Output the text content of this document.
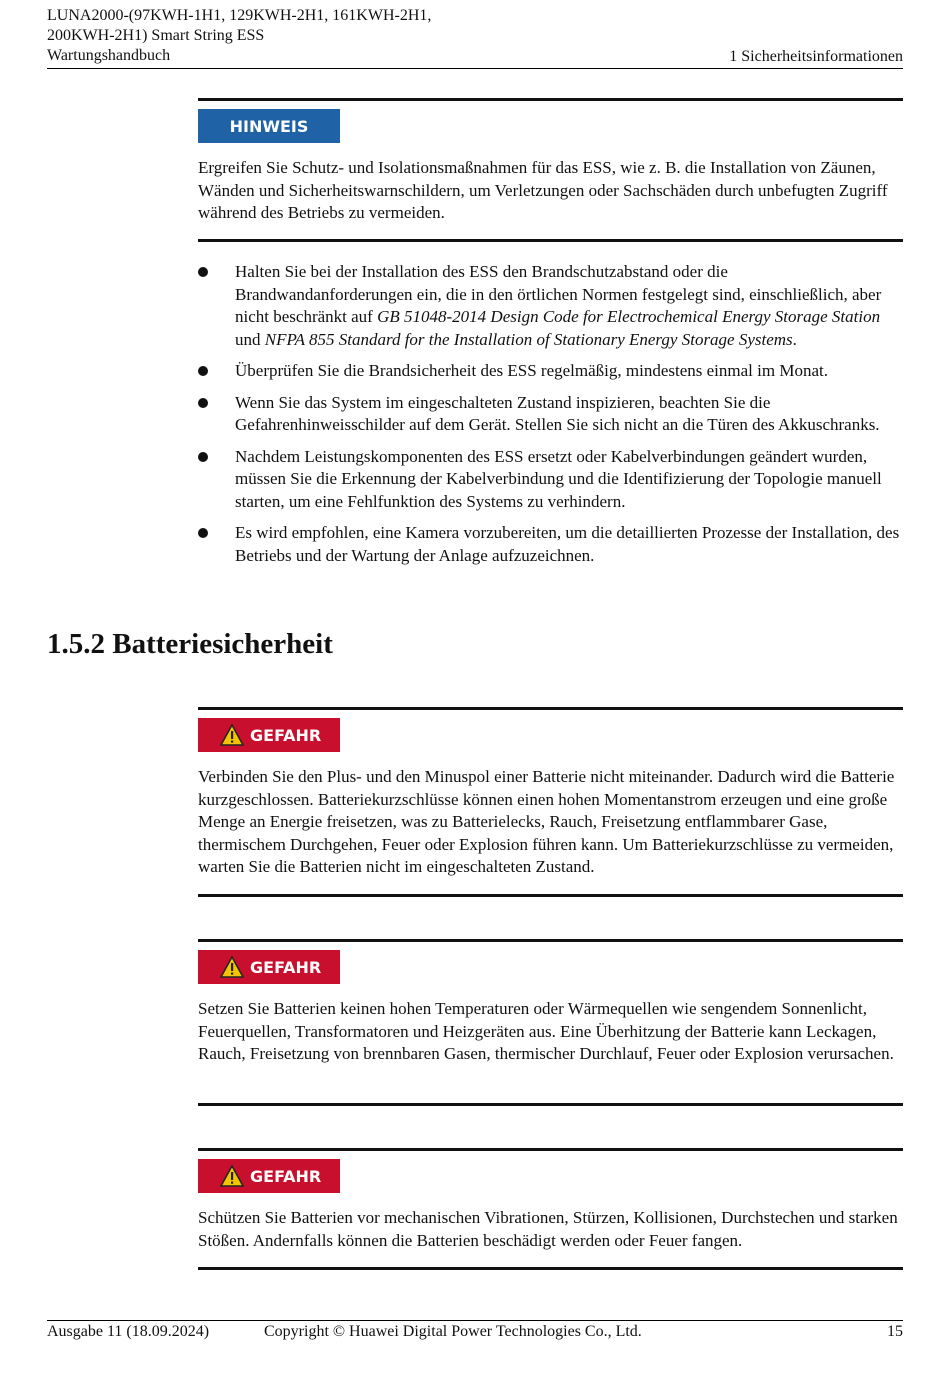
LUNA2000-(97KWH-1H1, 129KWH-2H1, 161KWH-2H1,
200KWH-2H1) Smart String ESS
Wartungshandbuch	1 Sicherheitsinformationen
HINWEIS
Ergreifen Sie Schutz- und Isolationsmaßnahmen für das ESS, wie z. B. die Installation von Zäunen, Wänden und Sicherheitswarnschildern, um Verletzungen oder Sachschäden durch unbefugten Zugriff während des Betriebs zu vermeiden.
Halten Sie bei der Installation des ESS den Brandschutzabstand oder die Brandwandanforderungen ein, die in den örtlichen Normen festgelegt sind, einschließlich, aber nicht beschränkt auf GB 51048-2014 Design Code for Electrochemical Energy Storage Station und NFPA 855 Standard for the Installation of Stationary Energy Storage Systems.
Überprüfen Sie die Brandsicherheit des ESS regelmäßig, mindestens einmal im Monat.
Wenn Sie das System im eingeschalteten Zustand inspizieren, beachten Sie die Gefahrenhinweisschilder auf dem Gerät. Stellen Sie sich nicht an die Türen des Akkuschranks.
Nachdem Leistungskomponenten des ESS ersetzt oder Kabelverbindungen geändert wurden, müssen Sie die Erkennung der Kabelverbindung und die Identifizierung der Topologie manuell starten, um eine Fehlfunktion des Systems zu verhindern.
Es wird empfohlen, eine Kamera vorzubereiten, um die detaillierten Prozesse der Installation, des Betriebs und der Wartung der Anlage aufzuzeichnen.
1.5.2 Batteriesicherheit
GEFAHR
Verbinden Sie den Plus- und den Minuspol einer Batterie nicht miteinander. Dadurch wird die Batterie kurzgeschlossen. Batteriekurzschlüsse können einen hohen Momentanstrom erzeugen und eine große Menge an Energie freisetzen, was zu Batterielecks, Rauch, Freisetzung entflammbarer Gase, thermischem Durchgehen, Feuer oder Explosion führen kann. Um Batteriekurzschlüsse zu vermeiden, warten Sie die Batterien nicht im eingeschalteten Zustand.
GEFAHR
Setzen Sie Batterien keinen hohen Temperaturen oder Wärmequellen wie sengendem Sonnenlicht, Feuerquellen, Transformatoren und Heizgeräten aus. Eine Überhitzung der Batterie kann Leckagen, Rauch, Freisetzung von brennbaren Gasen, thermischer Durchlauf, Feuer oder Explosion verursachen.
GEFAHR
Schützen Sie Batterien vor mechanischen Vibrationen, Stürzen, Kollisionen, Durchstechen und starken Stößen. Andernfalls können die Batterien beschädigt werden oder Feuer fangen.
Ausgabe 11 (18.09.2024)	Copyright © Huawei Digital Power Technologies Co., Ltd.	15
